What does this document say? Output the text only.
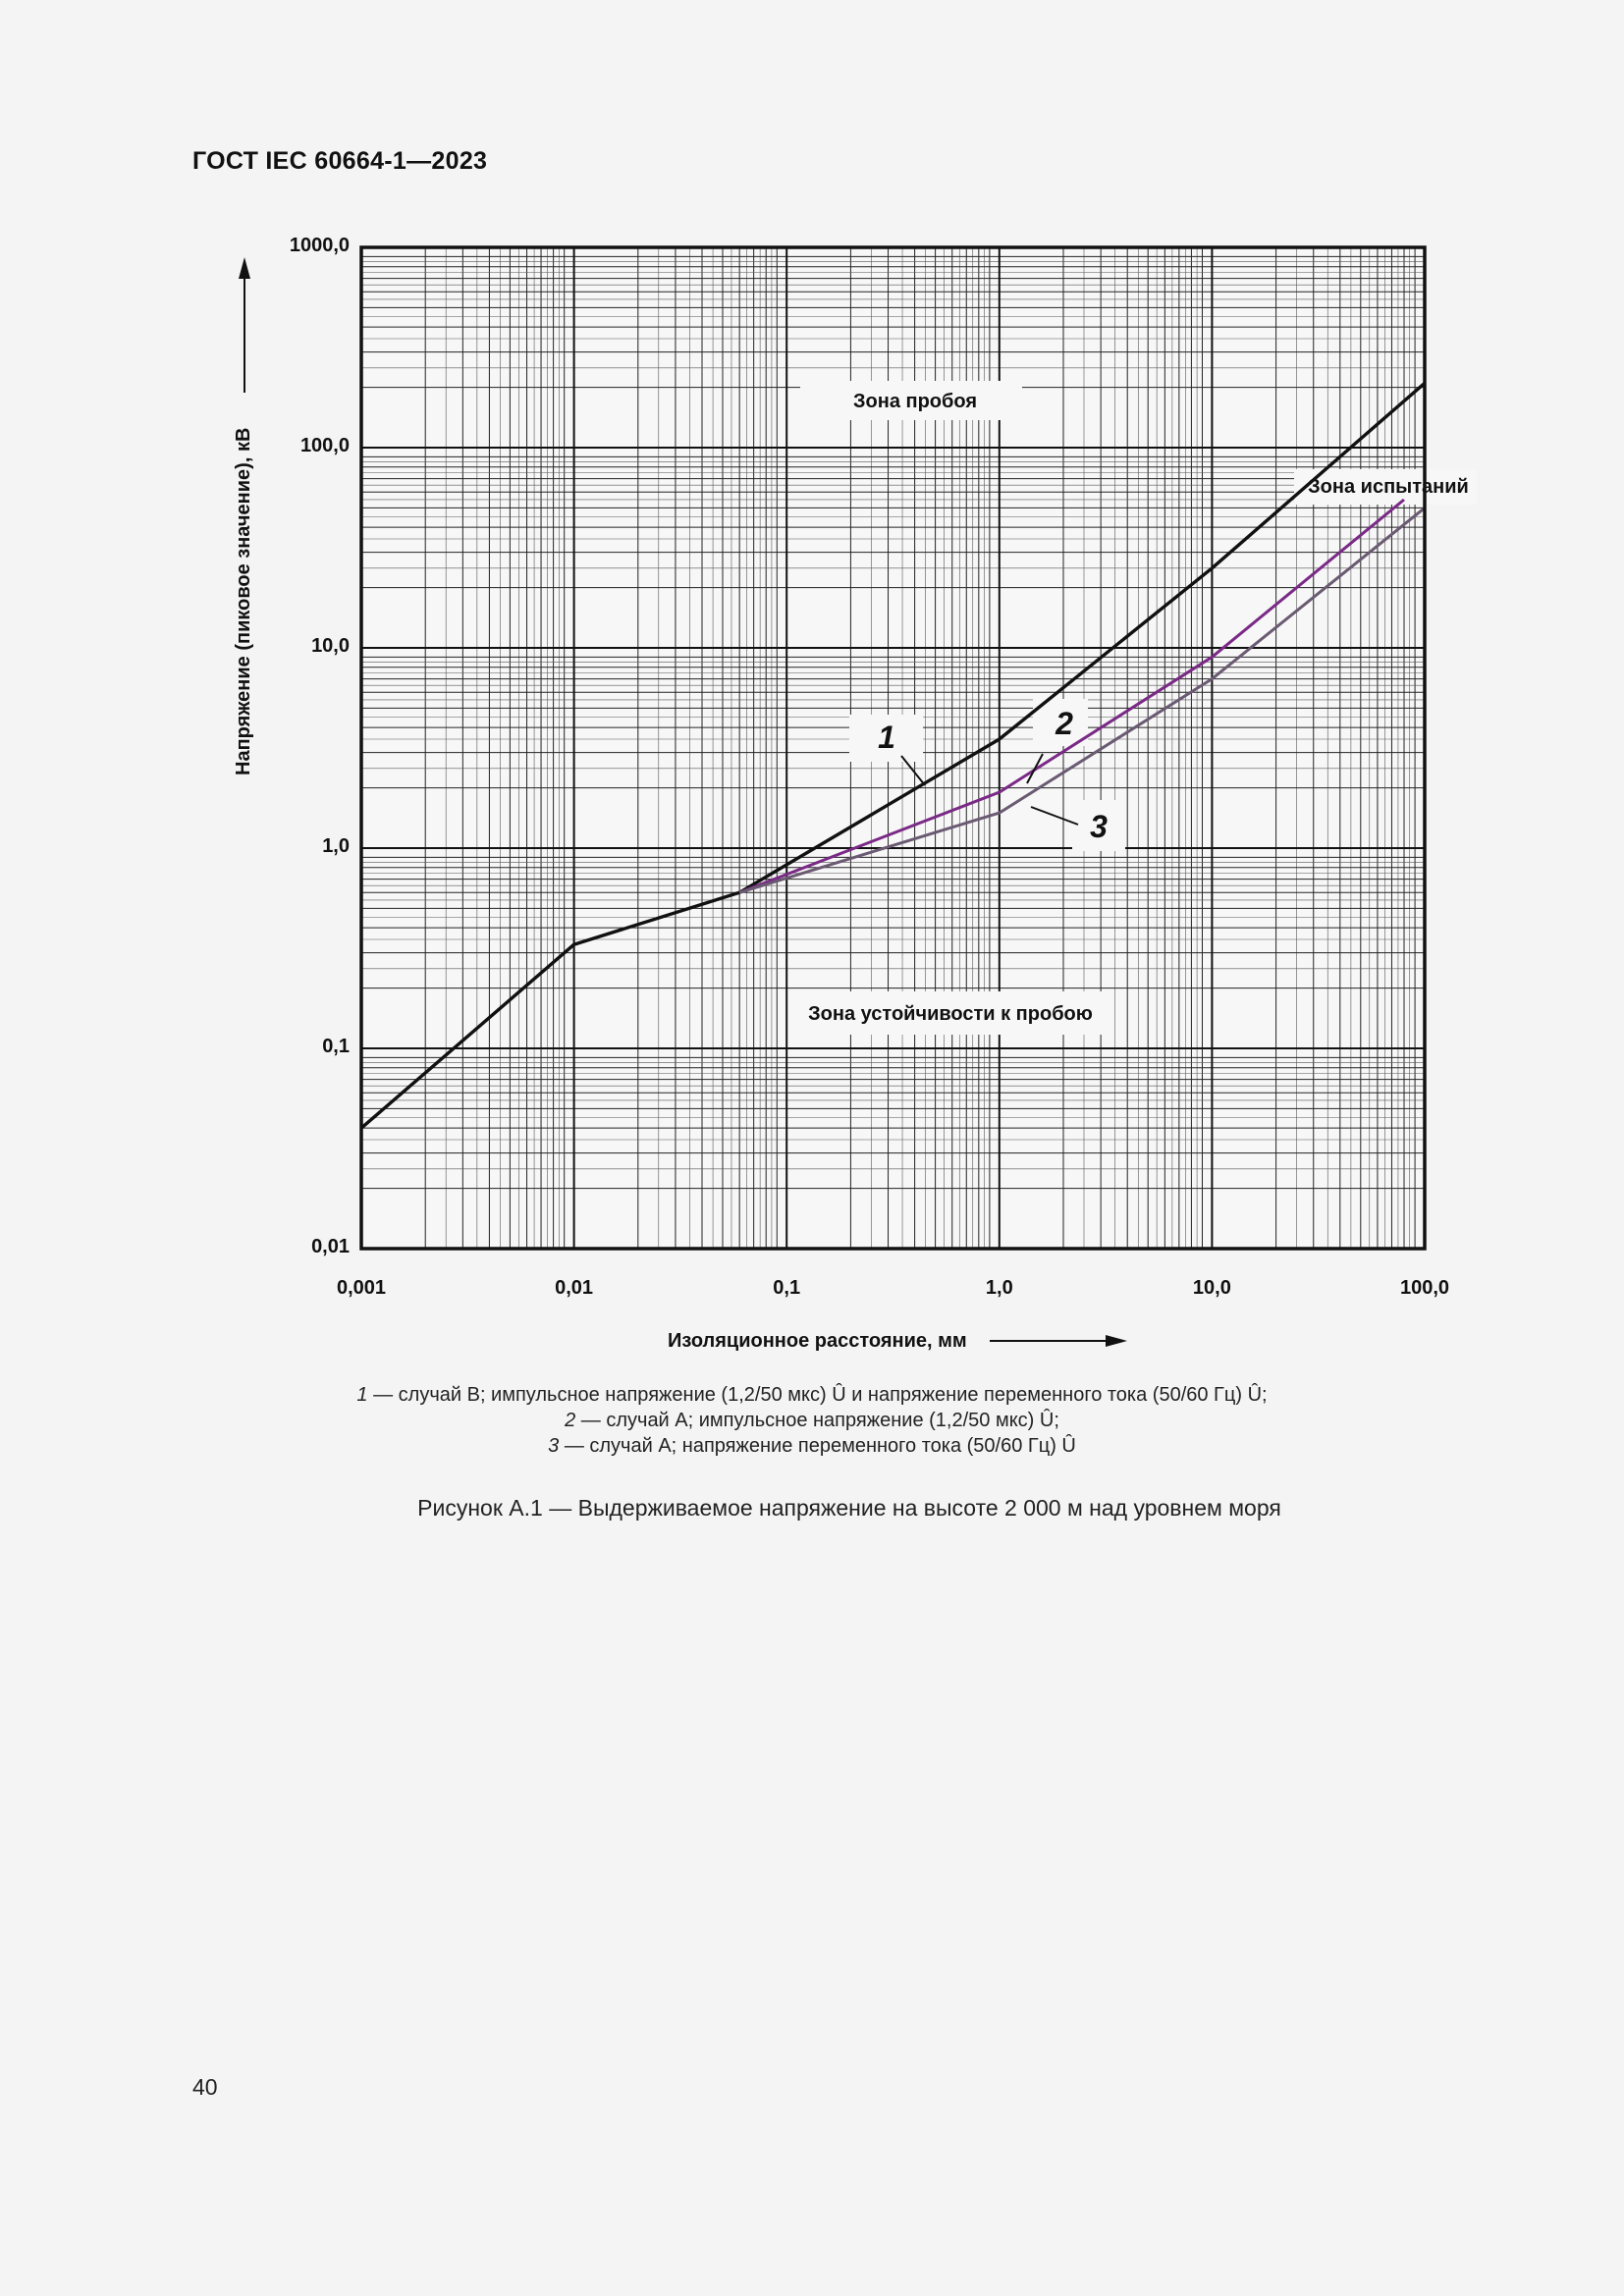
ГОСТ IEC 60664-1—2023
0,001	0,01	0,1	1,0	10,0	100,0
0,01
0,1
1,0
10,0
100,0
1000,0
Зона пробоя
Зона испытаний
Зона устойчивости к пробою
1	2
3
Изоляционное расстояние, мм
Напряжение (пиковое значение), кВ
1 — случай В; импульсное напряжение (1,2/50 мкс) Û и напряжение переменного тока (50/60 Гц) Û;
2 — случай А; импульсное напряжение (1,2/50 мкс) Û;
3 — случай А; напряжение переменного тока (50/60 Гц) Û
Рисунок А.1 — Выдерживаемое напряжение на высоте 2 000 м над уровнем моря
40
